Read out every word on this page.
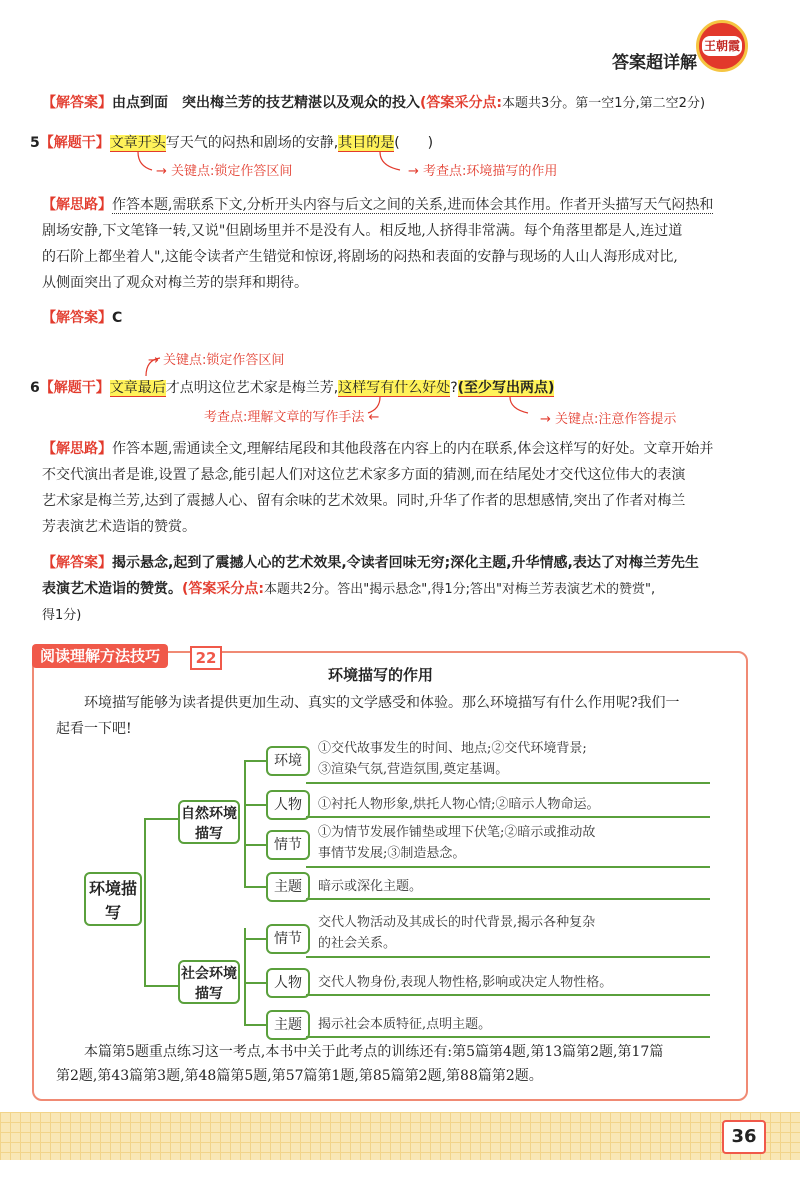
答案超详解
王朝霞
【解答案】由点到面　突出梅兰芳的技艺精湛以及观众的投入(答案采分点:本题共3分。第一空1分,第二空2分)
5【解题干】文章开头写天气的闷热和剧场的安静,其目的是(　　)
→ 关键点:锁定作答区间	→ 考查点:环境描写的作用
【解思路】作答本题,需联系下文,分析开头内容与后文之间的关系,进而体会其作用。作者开头描写天气闷热和
剧场安静,下文笔锋一转,又说"但剧场里并不是没有人。相反地,人挤得非常满。每个角落里都是人,连过道
的石阶上都坐着人",这能令读者产生错觉和惊讶,将剧场的闷热和表面的安静与现场的人山人海形成对比,
从侧面突出了观众对梅兰芳的崇拜和期待。
【解答案】C
→ 关键点:锁定作答区间
6【解题干】文章最后才点明这位艺术家是梅兰芳,这样写有什么好处?(至少写出两点)
考查点:理解文章的写作手法 ←	→ 关键点:注意作答提示
【解思路】作答本题,需通读全文,理解结尾段和其他段落在内容上的内在联系,体会这样写的好处。文章开始并
不交代演出者是谁,设置了悬念,能引起人们对这位艺术家多方面的猜测,而在结尾处才交代这位伟大的表演
艺术家是梅兰芳,达到了震撼人心、留有余味的艺术效果。同时,升华了作者的思想感情,突出了作者对梅兰
芳表演艺术造诣的赞赏。
【解答案】揭示悬念,起到了震撼人心的艺术效果,令读者回味无穷;深化主题,升华情感,表达了对梅兰芳先生
表演艺术造诣的赞赏。(答案采分点:本题共2分。答出"揭示悬念",得1分;答出"对梅兰芳表演艺术的赞赏",
得1分)
阅读理解方法技巧	22
环境描写的作用
环境描写能够为读者提供更加生动、真实的文学感受和体验。那么环境描写有什么作用呢?我们一
起看一下吧!
环境描写
自然环境描写
社会环境描写
环境
①交代故事发生的时间、地点;②交代环境背景;
③渲染气氛,营造氛围,奠定基调。
人物	①衬托人物形象,烘托人物心情;②暗示人物命运。
情节
①为情节发展作铺垫或埋下伏笔;②暗示或推动故
事情节发展;③制造悬念。
主题	暗示或深化主题。
情节
交代人物活动及其成长的时代背景,揭示各种复杂
的社会关系。
人物	交代人物身份,表现人物性格,影响或决定人物性格。
主题	揭示社会本质特征,点明主题。
本篇第5题重点练习这一考点,本书中关于此考点的训练还有:第5篇第4题,第13篇第2题,第17篇
第2题,第43篇第3题,第48篇第5题,第57篇第1题,第85篇第2题,第88篇第2题。
36
